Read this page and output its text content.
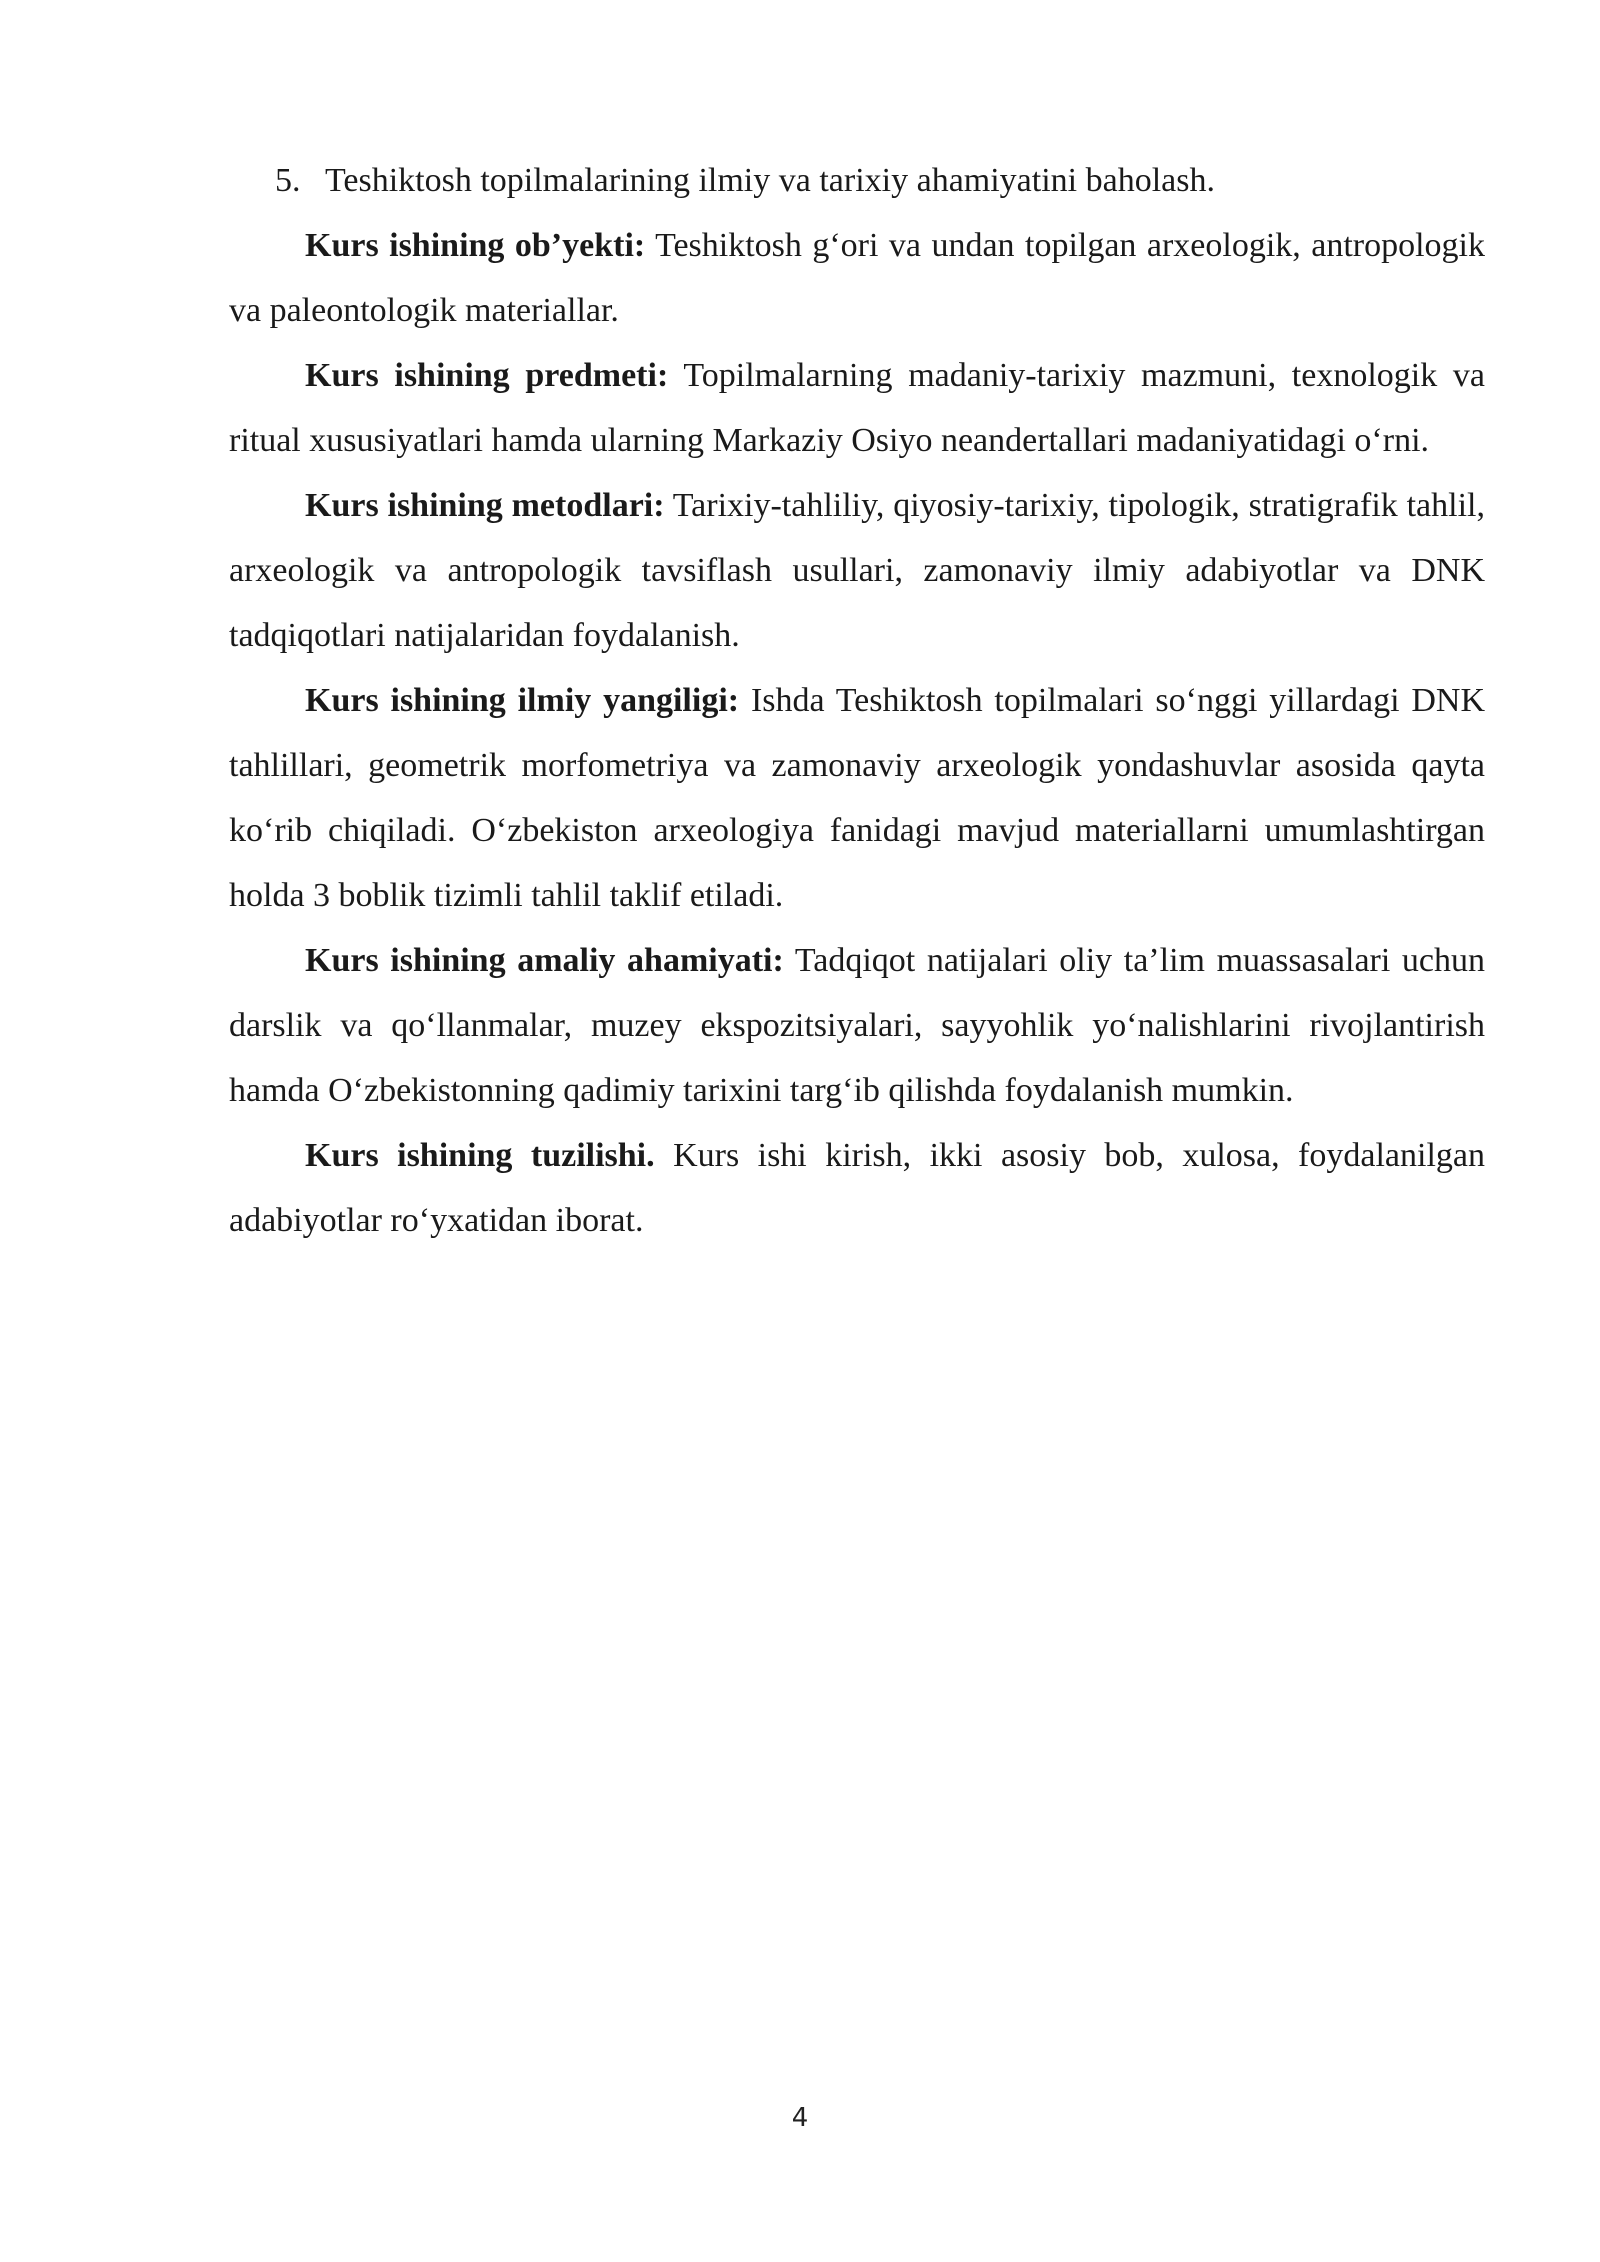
5. Teshiktosh topilmalarining ilmiy va tarixiy ahamiyatini baholash.

Kurs ishining ob’yekti: Teshiktosh g‘ori va undan topilgan arxeologik, antropologik va paleontologik materiallar.

Kurs ishining predmeti: Topilmalarning madaniy-tarixiy mazmuni, texnologik va ritual xususiyatlari hamda ularning Markaziy Osiyo neandertallari madaniyatidagi o‘rni.

Kurs ishining metodlari: Tarixiy-tahliliy, qiyosiy-tarixiy, tipologik, stratigrafik tahlil, arxeologik va antropologik tavsiflash usullari, zamonaviy ilmiy adabiyotlar va DNK tadqiqotlari natijalaridan foydalanish.

Kurs ishining ilmiy yangiligi: Ishda Teshiktosh topilmalari so‘nggi yillardagi DNK tahlillari, geometrik morfometriya va zamonaviy arxeologik yondashuvlar asosida qayta ko‘rib chiqiladi. O‘zbekiston arxeologiya fanidagi mavjud materiallarni umumlashtirgan holda 3 boblik tizimli tahlil taklif etiladi.

Kurs ishining amaliy ahamiyati: Tadqiqot natijalari oliy ta’lim muassasalari uchun darslik va qo‘llanmalar, muzey ekspozitsiyalari, sayyohlik yo‘nalishlarini rivojlantirish hamda O‘zbekistonning qadimiy tarixini targ‘ib qilishda foydalanish mumkin.

Kurs ishining tuzilishi. Kurs ishi kirish, ikki asosiy bob, xulosa, foydalanilgan adabiyotlar ro‘yxatidan iborat.

4
